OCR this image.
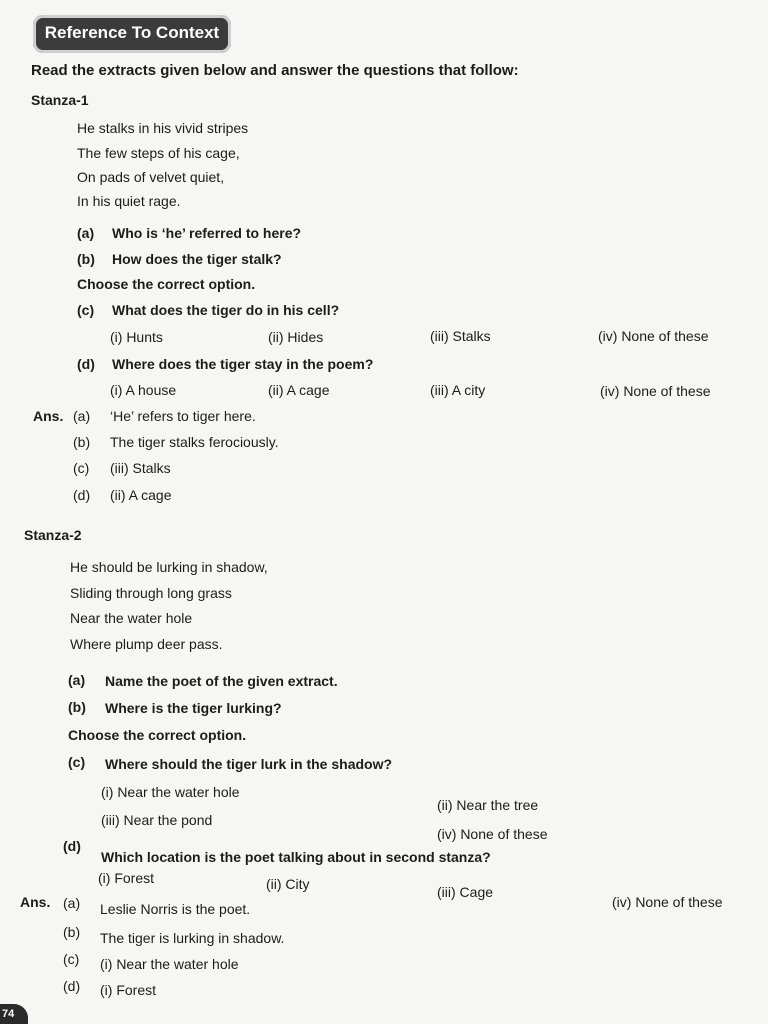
Reference To Context
Read the extracts given below and answer the questions that follow:
Stanza-1
He stalks in his vivid stripes
The few steps of his cage,
On pads of velvet quiet,
In his quiet rage.
(a) Who is ‘he’ referred to here?
(b) How does the tiger stalk?
Choose the correct option.
(c) What does the tiger do in his cell?
(i) Hunts	(ii) Hides	(iii) Stalks	(iv) None of these
(d) Where does the tiger stay in the poem?
(i) A house	(ii) A cage	(iii) A city	(iv) None of these
Ans. (a) ‘He’ refers to tiger here.
(b) The tiger stalks ferociously.
(c) (iii) Stalks
(d) (ii) A cage
Stanza-2
He should be lurking in shadow,
Sliding through long grass
Near the water hole
Where plump deer pass.
(a) Name the poet of the given extract.
(b) Where is the tiger lurking?
Choose the correct option.
(c) Where should the tiger lurk in the shadow?
(i) Near the water hole
(ii) Near the tree
(iii) Near the pond
(iv) None of these
(d)
Which location is the poet talking about in second stanza?
(i) Forest	(ii) City	(iii) Cage
(iv) None of these
Ans. (a) Leslie Norris is the poet.
(b) The tiger is lurking in shadow.
(c) (i) Near the water hole
(d) (i) Forest
74
